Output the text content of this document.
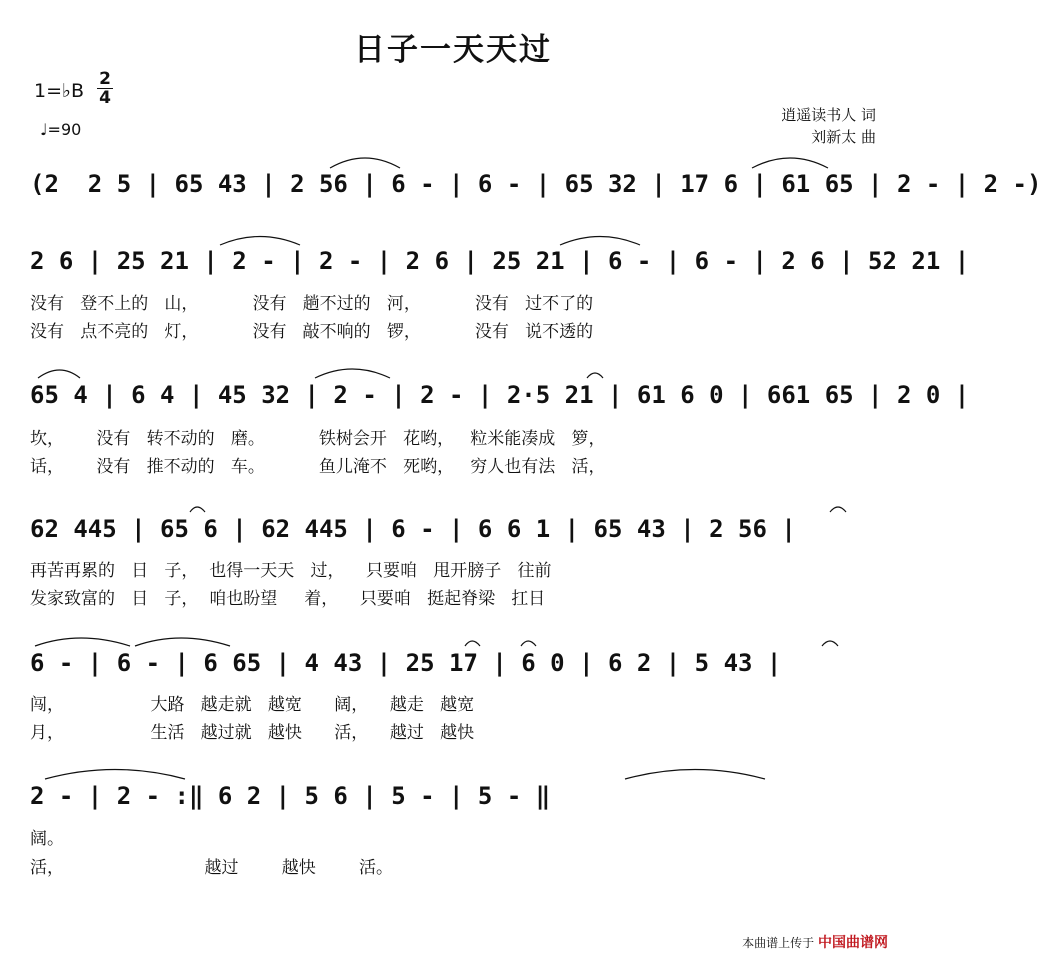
日子一天天过
1=♭B
2
4
♩=90
逍遥读书人 词
刘新太 曲
(2  2 5 | 65 43 | 2 56 | 6 - | 6 - | 65 32 | 17 6 | 61 65 | 2 - | 2 -)
2 6 | 25 21 | 2 - | 2 - | 2 6 | 25 21 | 6 - | 6 - | 2 6 | 52 21 |
没有   登不上的   山，          没有   趟不过的   河，          没有   过不了的
没有   点不亮的   灯，          没有   敲不响的   锣，          没有   说不透的
65 4 | 6 4 | 45 32 | 2 - | 2 - | 2·5 21 | 61 6 0 | 661 65 | 2 0 |
坎，      没有   转不动的   磨。          铁树会开   花哟，   粒米能凑成   箩，
话，      没有   推不动的   车。          鱼儿淹不   死哟，   穷人也有法   活，
62 445 | 65 6 | 62 445 | 6 - | 6 6 1 | 65 43 | 2 56 |
再苦再累的   日   子，  也得一天天   过，    只要咱   甩开膀子   往前
发家致富的   日   子，  咱也盼望     着，    只要咱   挺起脊梁   扛日
6 - | 6 - | 6 65 | 4 43 | 25 17 | 6 0 | 6 2 | 5 43 |
闯，                大路   越走就   越宽      阔，    越走   越宽
月，                生活   越过就   越快      活，    越过   越快
2 - | 2 - :‖ 6 2 | 5 6 | 5 - | 5 - ‖
阔。
活，                          越过        越快        活。
本曲谱上传于 中国曲谱网
